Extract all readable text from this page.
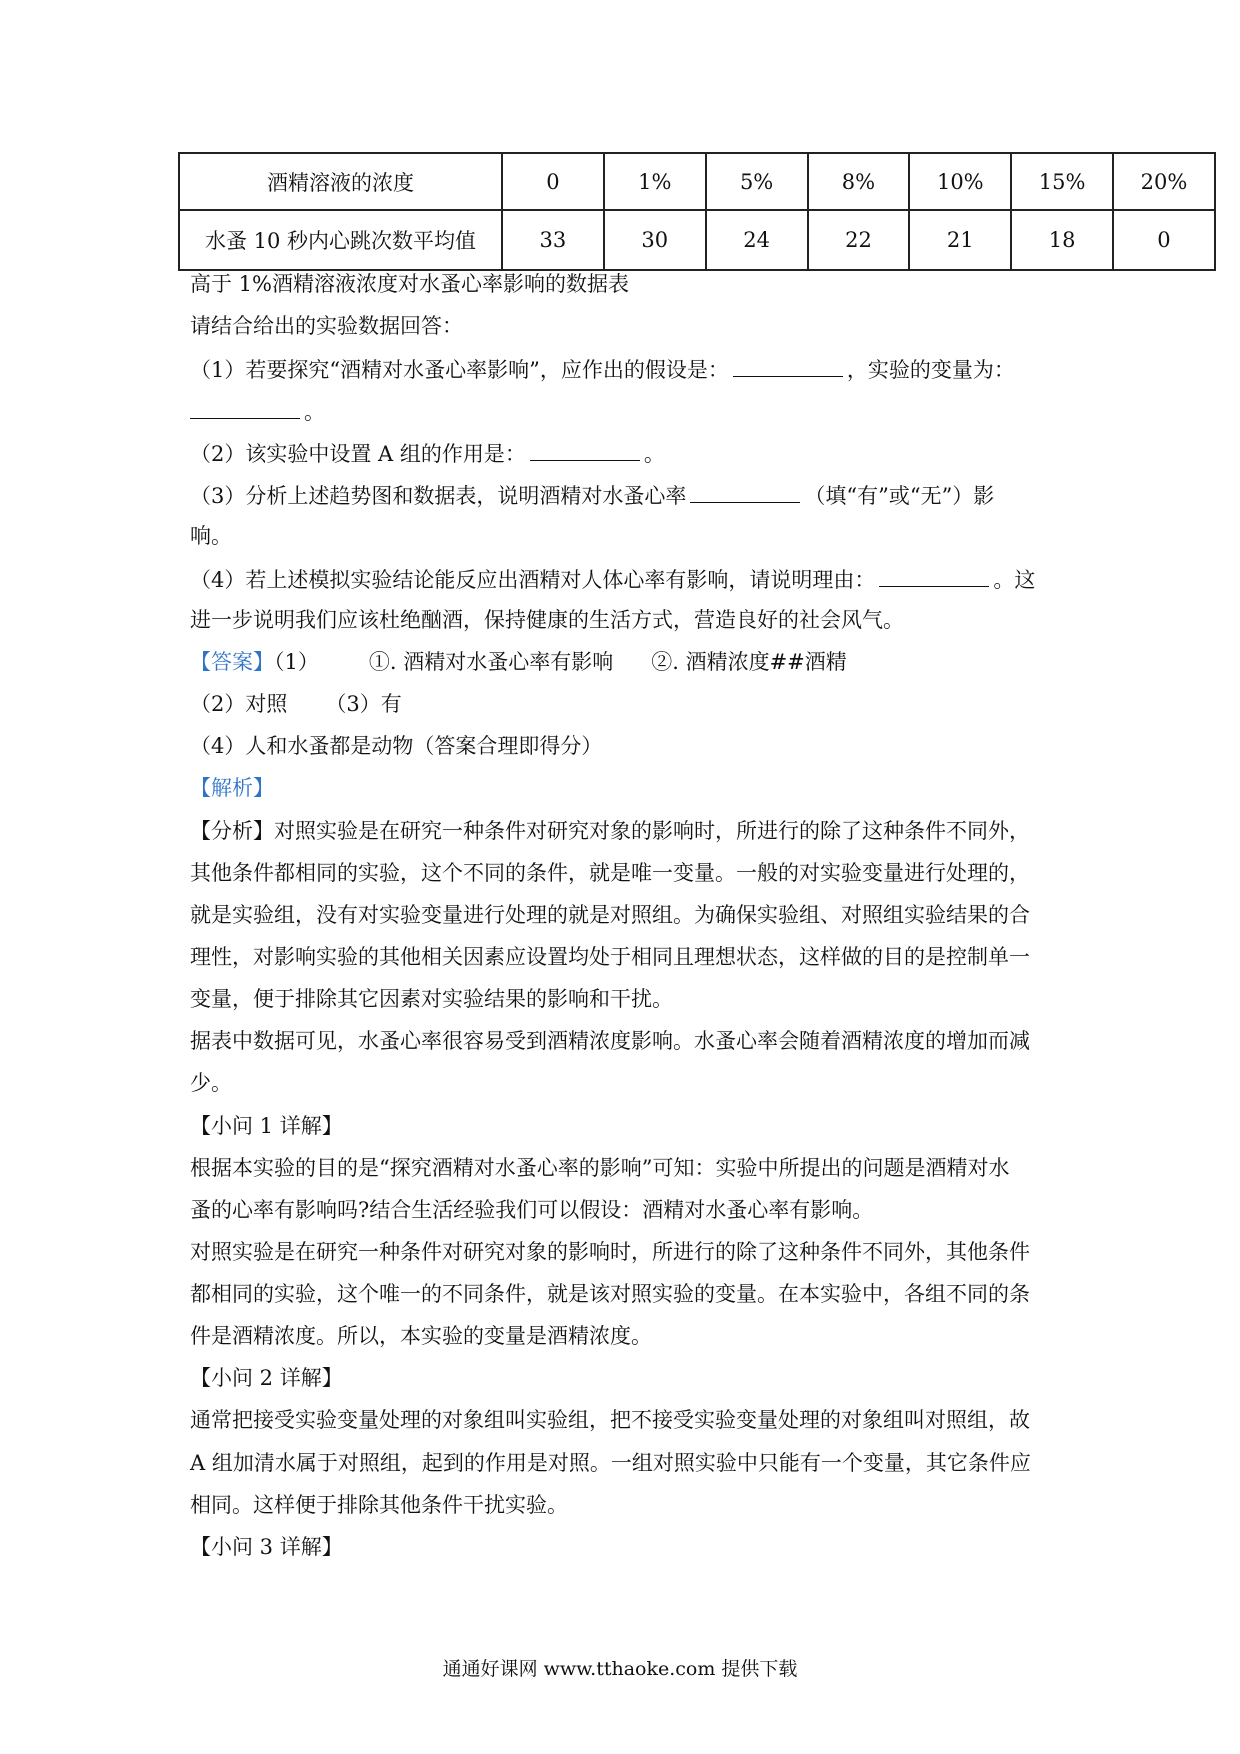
酒精溶液的浓度	0	1%	5%	8%	10%	15%	20%
水蚤 10 秒内心跳次数平均值	33	30	24	22	21	18	0
高于 1%酒精溶液浓度对水蚤心率影响的数据表
请结合给出的实验数据回答：
（1）若要探究“酒精对水蚤心率影响”，应作出的假设是：	，实验的变量为：
。
（2）该实验中设置 A 组的作用是：	。
（3）分析上述趋势图和数据表，说明酒精对水蚤心率	（填“有”或“无”）影
响。
（4）若上述模拟实验结论能反应出酒精对人体心率有影响，请说明理由：	。这
进一步说明我们应该杜绝酗酒，保持健康的生活方式，营造良好的社会风气。
【答案】（1） ①. 酒精对水蚤心率有影响 ②. 酒精浓度##酒精
（2）对照 （3）有
（4）人和水蚤都是动物（答案合理即得分）
【解析】
【分析】对照实验是在研究一种条件对研究对象的影响时，所进行的除了这种条件不同外，
其他条件都相同的实验，这个不同的条件，就是唯一变量。一般的对实验变量进行处理的，
就是实验组，没有对实验变量进行处理的就是对照组。为确保实验组、对照组实验结果的合
理性，对影响实验的其他相关因素应设置均处于相同且理想状态，这样做的目的是控制单一
变量，便于排除其它因素对实验结果的影响和干扰。
据表中数据可见，水蚤心率很容易受到酒精浓度影响。水蚤心率会随着酒精浓度的增加而减
少。
【小问 1 详解】
根据本实验的目的是“探究酒精对水蚤心率的影响”可知：实验中所提出的问题是酒精对水
蚤的心率有影响吗?结合生活经验我们可以假设：酒精对水蚤心率有影响。
对照实验是在研究一种条件对研究对象的影响时，所进行的除了这种条件不同外，其他条件
都相同的实验，这个唯一的不同条件，就是该对照实验的变量。在本实验中，各组不同的条
件是酒精浓度。所以，本实验的变量是酒精浓度。
【小问 2 详解】
通常把接受实验变量处理的对象组叫实验组，把不接受实验变量处理的对象组叫对照组，故
A 组加清水属于对照组，起到的作用是对照。一组对照实验中只能有一个变量，其它条件应
相同。这样便于排除其他条件干扰实验。
【小问 3 详解】
通通好课网 www.tthaoke.com 提供下载
